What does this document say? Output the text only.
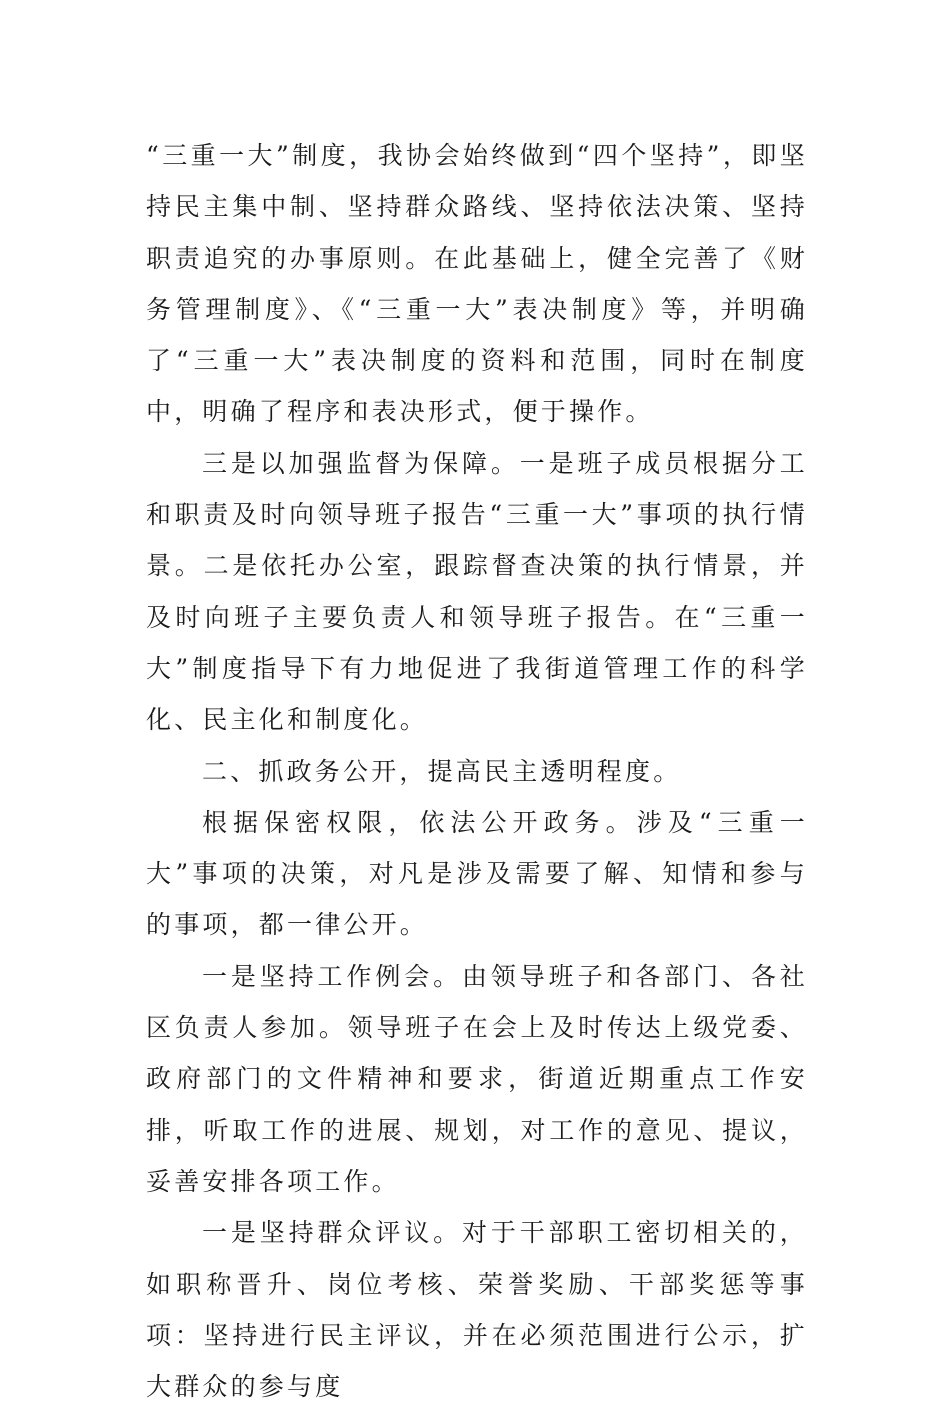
“三重一大”制度，我协会始终做到“四个坚持”，即坚持民主集中制、坚持群众路线、坚持依法决策、坚持职责追究的办事原则。在此基础上，健全完善了《财务管理制度》、《“三重一大”表决制度》等，并明确了“三重一大”表决制度的资料和范围，同时在制度中，明确了程序和表决形式，便于操作。

三是以加强监督为保障。一是班子成员根据分工和职责及时向领导班子报告“三重一大”事项的执行情景。二是依托办公室，跟踪督查决策的执行情景，并及时向班子主要负责人和领导班子报告。在“三重一大”制度指导下有力地促进了我街道管理工作的科学化、民主化和制度化。

二、抓政务公开，提高民主透明程度。

根据保密权限，依法公开政务。涉及“三重一大”事项的决策，对凡是涉及需要了解、知情和参与的事项，都一律公开。

一是坚持工作例会。由领导班子和各部门、各社区负责人参加。领导班子在会上及时传达上级党委、政府部门的文件精神和要求，街道近期重点工作安排，听取工作的进展、规划，对工作的意见、提议，妥善安排各项工作。

一是坚持群众评议。对于干部职工密切相关的，如职称晋升、岗位考核、荣誉奖励、干部奖惩等事项：坚持进行民主评议，并在必须范围进行公示，扩大群众的参与度
